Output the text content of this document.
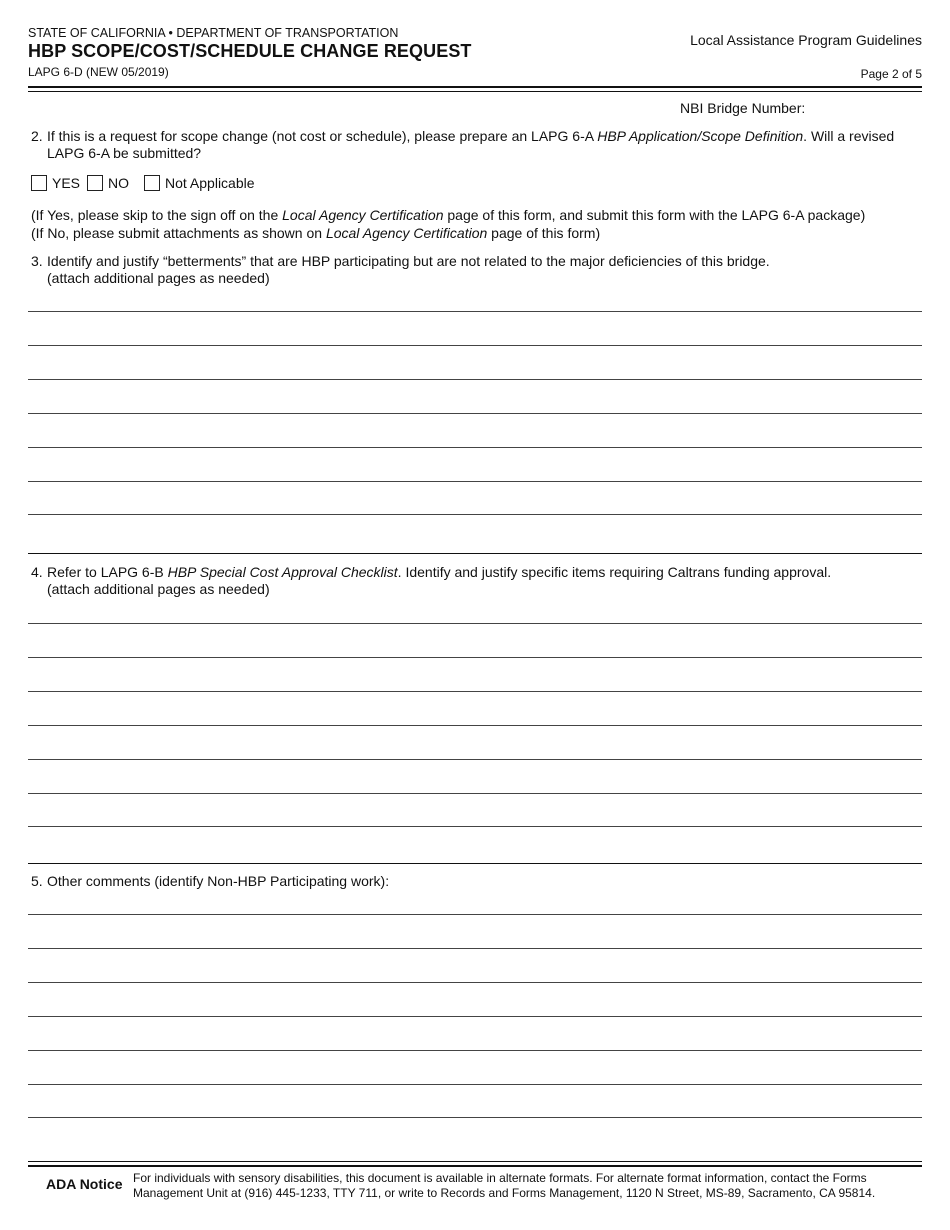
STATE OF CALIFORNIA • DEPARTMENT OF TRANSPORTATION
HBP SCOPE/COST/SCHEDULE CHANGE REQUEST
LAPG 6-D (NEW 05/2019)
Local Assistance Program Guidelines
Page 2 of 5
NBI Bridge Number:
2. If this is a request for scope change (not cost or schedule), please prepare an LAPG 6-A HBP Application/Scope Definition. Will a revised
LAPG 6-A be submitted?
YES NO	Not Applicable
(If Yes, please skip to the sign off on the Local Agency Certification page of this form, and submit this form with the LAPG 6-A package)
(If No, please submit attachments as shown on Local Agency Certification page of this form)
3. Identify and justify “betterments” that are HBP participating but are not related to the major deficiencies of this bridge.
(attach additional pages as needed)
4. Refer to LAPG 6-B HBP Special Cost Approval Checklist. Identify and justify specific items requiring Caltrans funding approval.
(attach additional pages as needed)
5. Other comments (identify Non-HBP Participating work):
ADA Notice For individuals with sensory disabilities, this document is available in alternate formats. For alternate format information, contact the Forms
Management Unit at (916) 445-1233, TTY 711, or write to Records and Forms Management, 1120 N Street, MS-89, Sacramento, CA 95814.
